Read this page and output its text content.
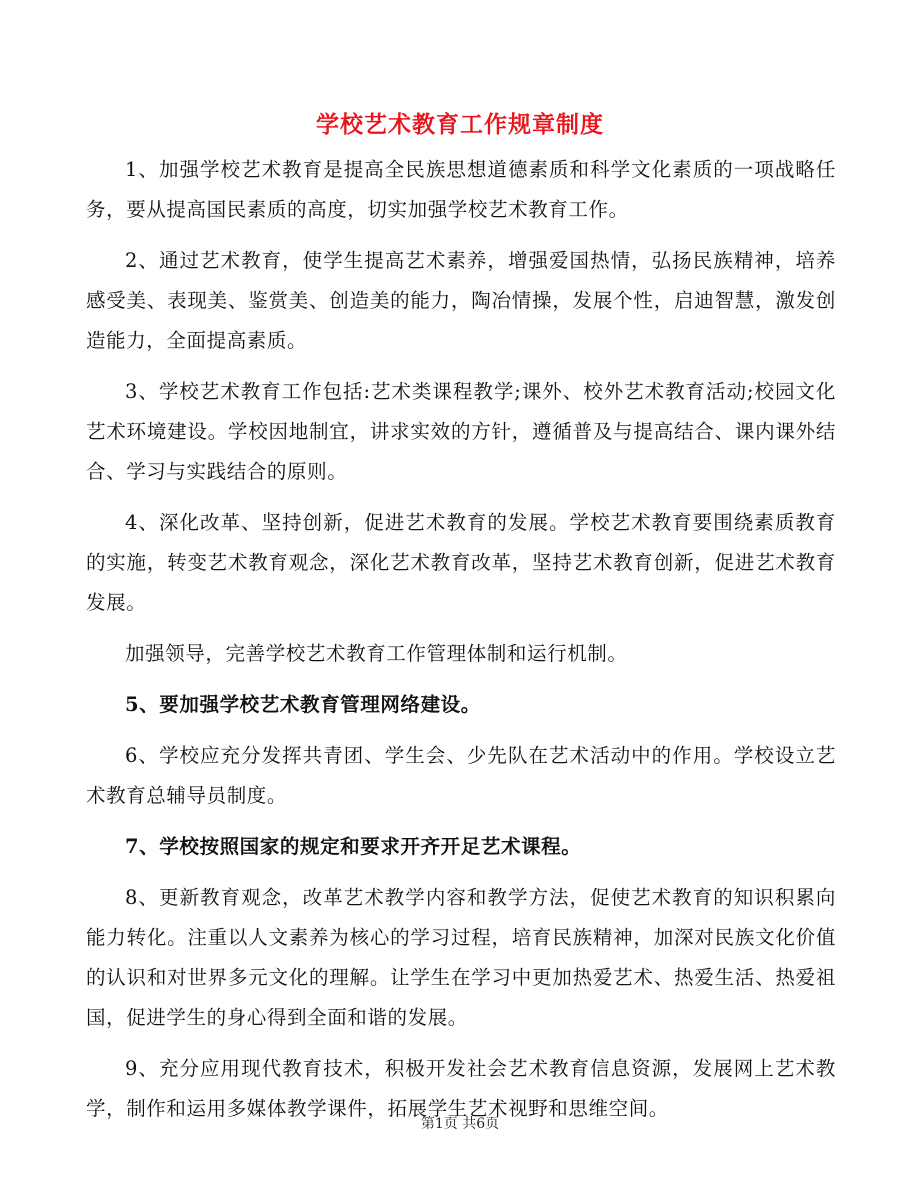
学校艺术教育工作规章制度

1、加强学校艺术教育是提高全民族思想道德素质和科学文化素质的一项战略任务，要从提高国民素质的高度，切实加强学校艺术教育工作。

2、通过艺术教育，使学生提高艺术素养，增强爱国热情，弘扬民族精神，培养感受美、表现美、鉴赏美、创造美的能力，陶冶情操，发展个性，启迪智慧，激发创造能力，全面提高素质。

3、学校艺术教育工作包括:艺术类课程教学;课外、校外艺术教育活动;校园文化艺术环境建设。学校因地制宜，讲求实效的方针，遵循普及与提高结合、课内课外结合、学习与实践结合的原则。

4、深化改革、坚持创新，促进艺术教育的发展。学校艺术教育要围绕素质教育的实施，转变艺术教育观念，深化艺术教育改革，坚持艺术教育创新，促进艺术教育发展。

加强领导，完善学校艺术教育工作管理体制和运行机制。

5、要加强学校艺术教育管理网络建设。

6、学校应充分发挥共青团、学生会、少先队在艺术活动中的作用。学校设立艺术教育总辅导员制度。

7、学校按照国家的规定和要求开齐开足艺术课程。

8、更新教育观念，改革艺术教学内容和教学方法，促使艺术教育的知识积累向能力转化。注重以人文素养为核心的学习过程，培育民族精神，加深对民族文化价值的认识和对世界多元文化的理解。让学生在学习中更加热爱艺术、热爱生活、热爱祖国，促进学生的身心得到全面和谐的发展。

9、充分应用现代教育技术，积极开发社会艺术教育信息资源，发展网上艺术教学，制作和运用多媒体教学课件，拓展学生艺术视野和思维空间。

第1页 共6页
